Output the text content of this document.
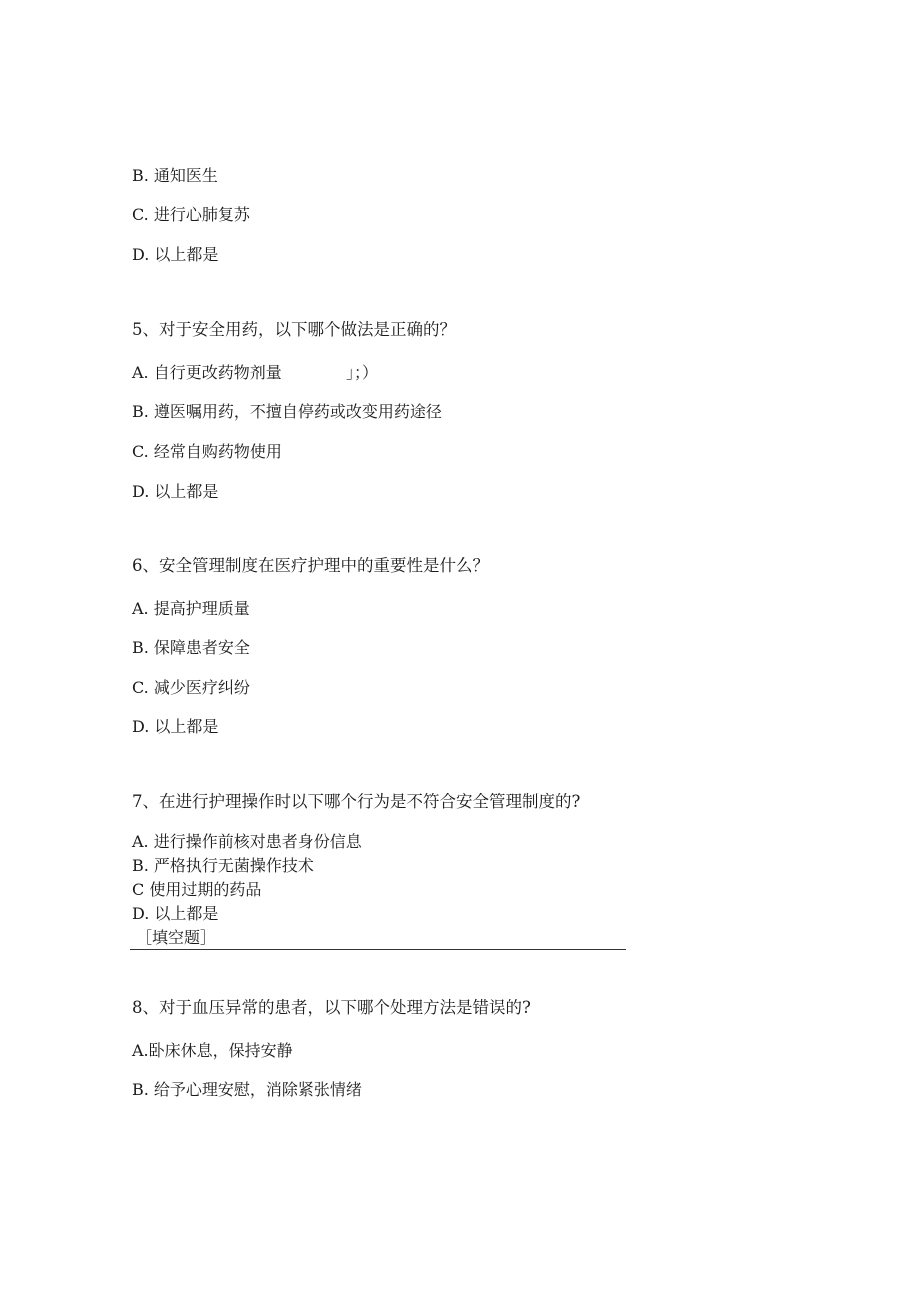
B. 通知医生
C. 进行心肺复苏
D. 以上都是
5、对于安全用药，以下哪个做法是正确的？
A. 自行更改药物剂量	」；）
B. 遵医嘱用药，不擅自停药或改变用药途径
C. 经常自购药物使用
D. 以上都是
6、安全管理制度在医疗护理中的重要性是什么？
A. 提高护理质量
B. 保障患者安全
C. 减少医疗纠纷
D. 以上都是
7、在进行护理操作时以下哪个行为是不符合安全管理制度的?
A. 进行操作前核对患者身份信息
B. 严格执行无菌操作技术
C 使用过期的药品
D. 以上都是
［填空题］
8、对于血压异常的患者，以下哪个处理方法是错误的?
A.卧床休息，保持安静
B. 给予心理安慰，消除紧张情绪
